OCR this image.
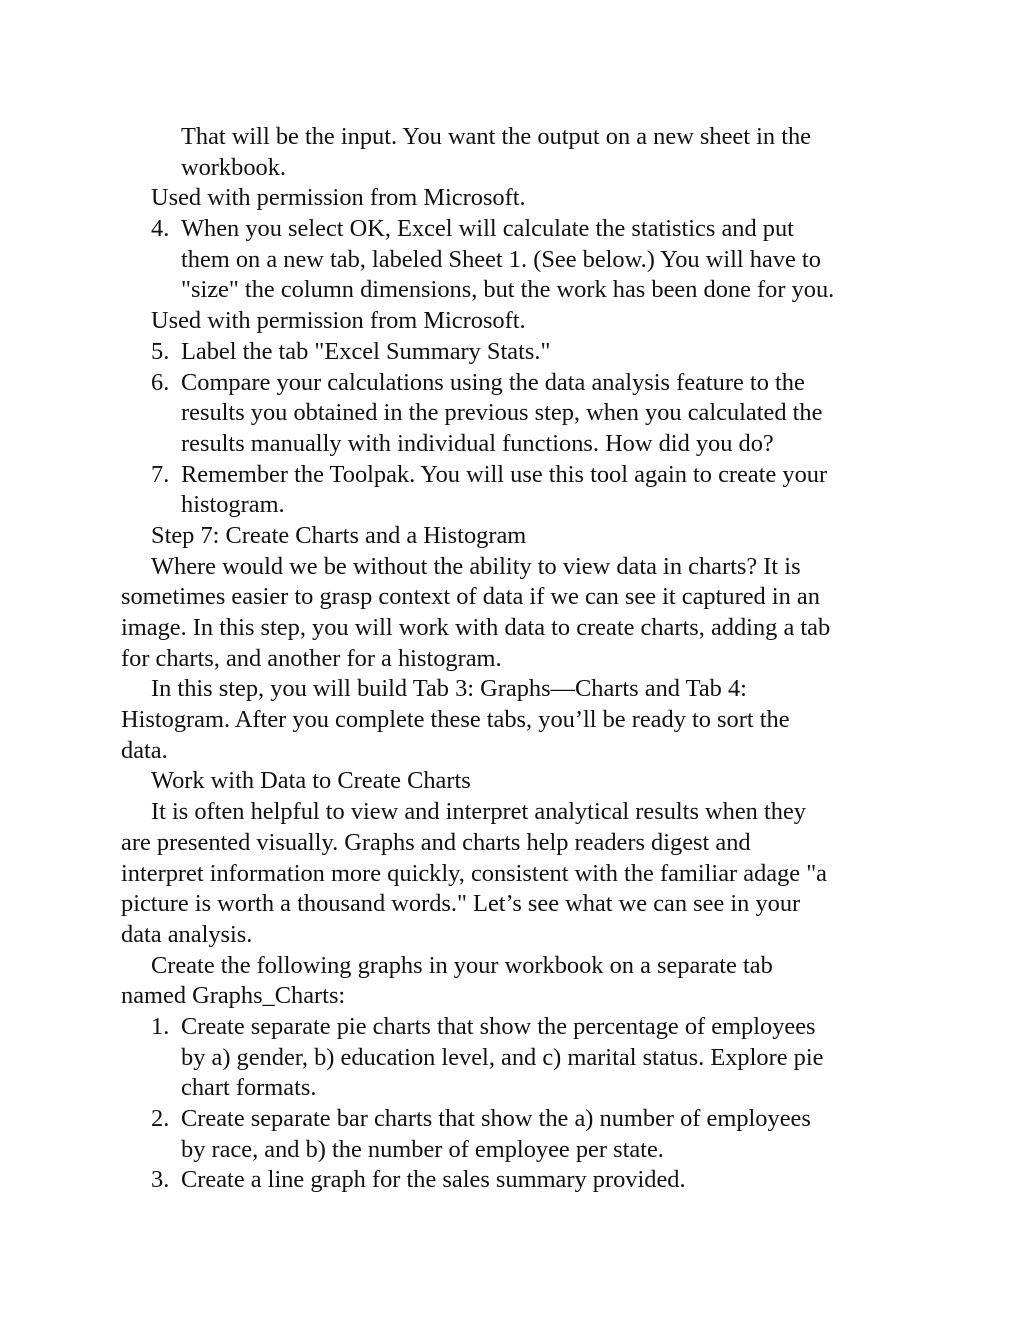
That will be the input. You want the output on a new sheet in the
workbook.
Used with permission from Microsoft.
4. When you select OK, Excel will calculate the statistics and put
them on a new tab, labeled Sheet 1. (See below.) You will have to
"size" the column dimensions, but the work has been done for you.
Used with permission from Microsoft.
5. Label the tab "Excel Summary Stats."
6. Compare your calculations using the data analysis feature to the
results you obtained in the previous step, when you calculated the
results manually with individual functions. How did you do?
7. Remember the Toolpak. You will use this tool again to create your
histogram.
Step 7: Create Charts and a Histogram
Where would we be without the ability to view data in charts? It is
sometimes easier to grasp context of data if we can see it captured in an
image. In this step, you will work with data to create charts, adding a tab
for charts, and another for a histogram.
In this step, you will build Tab 3: Graphs—Charts and Tab 4:
Histogram. After you complete these tabs, you’ll be ready to sort the
data.
Work with Data to Create Charts
It is often helpful to view and interpret analytical results when they
are presented visually. Graphs and charts help readers digest and
interpret information more quickly, consistent with the familiar adage "a
picture is worth a thousand words." Let’s see what we can see in your
data analysis.
Create the following graphs in your workbook on a separate tab
named Graphs_Charts:
1. Create separate pie charts that show the percentage of employees
by a) gender, b) education level, and c) marital status. Explore pie
chart formats.
2. Create separate bar charts that show the a) number of employees
by race, and b) the number of employee per state.
3. Create a line graph for the sales summary provided.
